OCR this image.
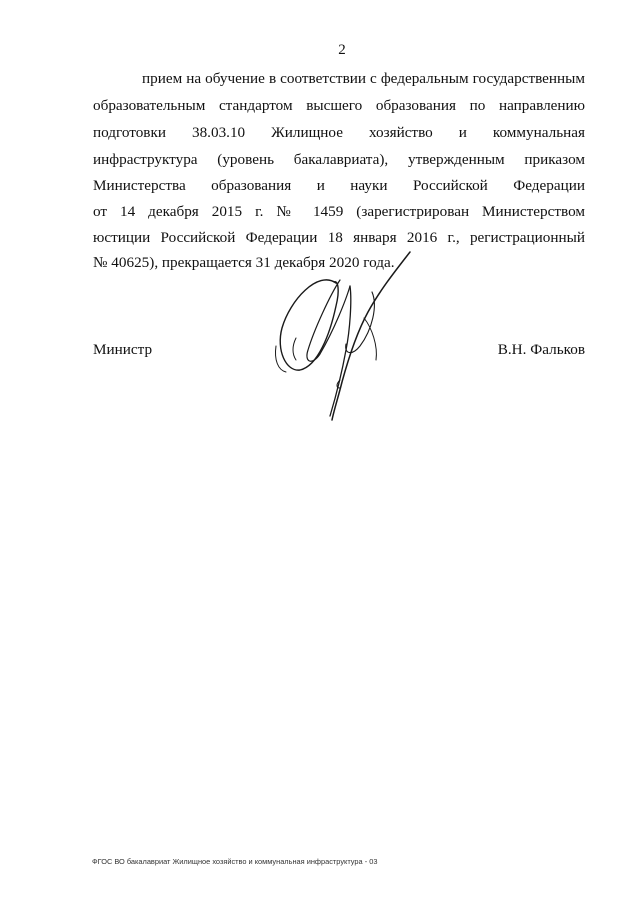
2
прием на обучение в соответствии с федеральным государственным
образовательным стандартом высшего образования по направлению
подготовки 38.03.10 Жилищное хозяйство и коммунальная
инфраструктура (уровень бакалавриата), утвержденным приказом
Министерства образования и науки Российской Федерации
от 14 декабря 2015 г. № 1459 (зарегистрирован Министерством
юстиции Российской Федерации 18 января 2016 г., регистрационный
№ 40625), прекращается 31 декабря 2020 года.
Министр	В.Н. Фальков
ФГОС ВО бакалавриат Жилищное хозяйство и коммунальная инфраструктура - 03
